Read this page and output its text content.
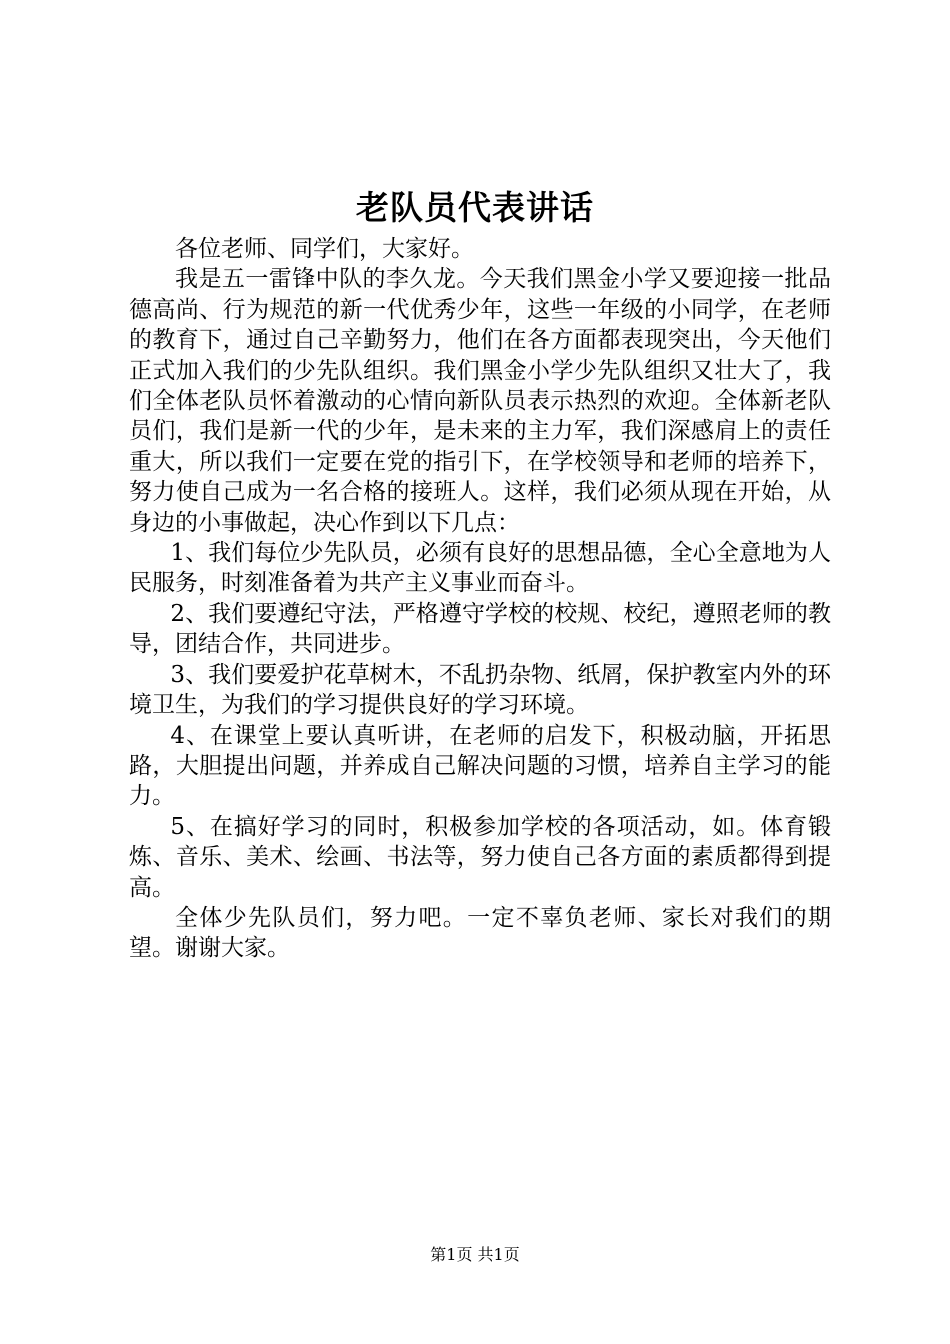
老队员代表讲话

各位老师、同学们，大家好。

我是五一雷锋中队的李久龙。今天我们黑金小学又要迎接一批品德高尚、行为规范的新一代优秀少年，这些一年级的小同学，在老师的教育下，通过自己辛勤努力，他们在各方面都表现突出，今天他们正式加入我们的少先队组织。我们黑金小学少先队组织又壮大了，我们全体老队员怀着激动的心情向新队员表示热烈的欢迎。全体新老队员们，我们是新一代的少年，是未来的主力军，我们深感肩上的责任重大，所以我们一定要在党的指引下，在学校领导和老师的培养下，努力使自己成为一名合格的接班人。这样，我们必须从现在开始，从身边的小事做起，决心作到以下几点：

1、我们每位少先队员，必须有良好的思想品德，全心全意地为人民服务，时刻准备着为共产主义事业而奋斗。

2、我们要遵纪守法，严格遵守学校的校规、校纪，遵照老师的教导，团结合作，共同进步。

3、我们要爱护花草树木，不乱扔杂物、纸屑，保护教室内外的环境卫生，为我们的学习提供良好的学习环境。

4、在课堂上要认真听讲，在老师的启发下，积极动脑，开拓思路，大胆提出问题，并养成自己解决问题的习惯，培养自主学习的能力。

5、在搞好学习的同时，积极参加学校的各项活动，如。体育锻炼、音乐、美术、绘画、书法等，努力使自己各方面的素质都得到提高。

全体少先队员们，努力吧。一定不辜负老师、家长对我们的期望。谢谢大家。

第1页 共1页
